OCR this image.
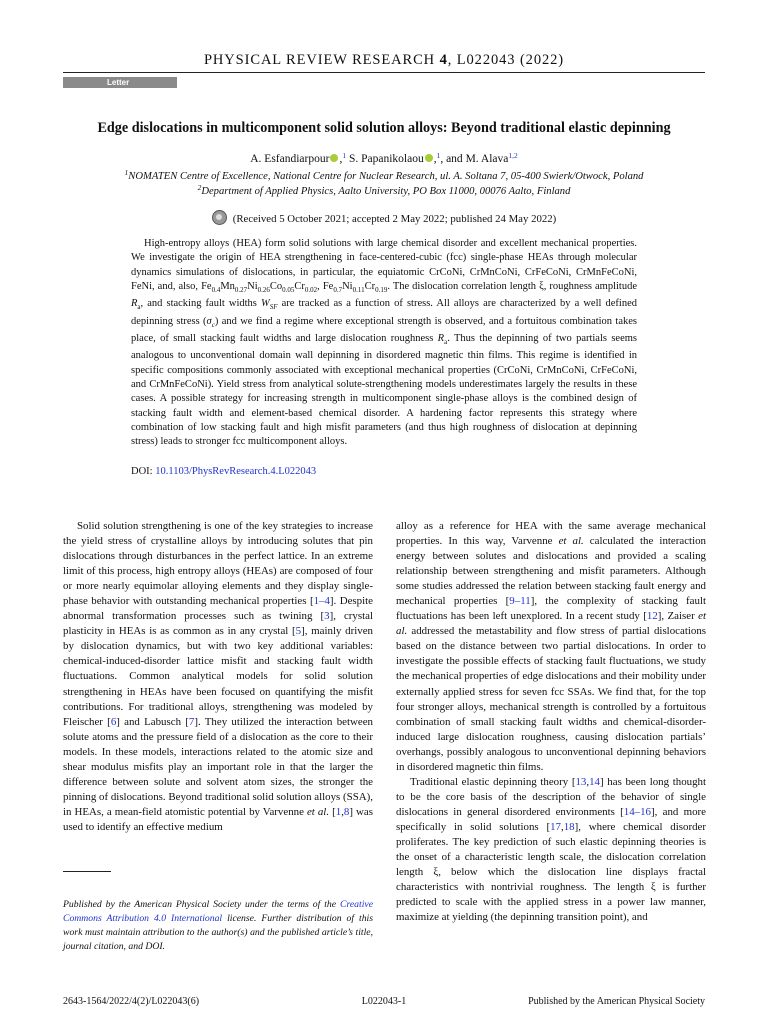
PHYSICAL REVIEW RESEARCH 4, L022043 (2022)
Letter
Edge dislocations in multicomponent solid solution alloys: Beyond traditional elastic depinning
A. Esfandiarpour ,$^1$ S. Papanikolaou ,$^1$, and M. Alava$^{1,2}$
$^1$NOMATEN Centre of Excellence, National Centre for Nuclear Research, ul. A. Soltana 7, 05-400 Swierk/Otwock, Poland
$^2$Department of Applied Physics, Aalto University, PO Box 11000, 00076 Aalto, Finland
(Received 5 October 2021; accepted 2 May 2022; published 24 May 2022)

High-entropy alloys (HEA) form solid solutions with large chemical disorder and excellent mechanical properties. We investigate the origin of HEA strengthening in face-centered-cubic (fcc) single-phase HEAs through molecular dynamics simulations of dislocations, in particular, the equiatomic CrCoNi, CrMnCoNi, CrFeCoNi, CrMnFeCoNi, FeNi, and, also, $Fe_{0.4}Mn_{0.27}Ni_{0.26}Co_{0.05}Cr_{0.02}$, $Fe_{0.7}Ni_{0.11}Cr_{0.19}$. The dislocation correlation length ξ, roughness amplitude $R_a$, and stacking fault widths $W_{SF}$ are tracked as a function of stress. All alloys are characterized by a well defined depinning stress $(\sigma_c)$ and we find a regime where exceptional strength is observed, and a fortuitous combination takes place, of small stacking fault widths and large dislocation roughness $R_a$. Thus the depinning of two partials seems analogous to unconventional domain wall depinning in disordered magnetic thin films. This regime is identified in specific compositions commonly associated with exceptional mechanical properties (CrCoNi, CrMnCoNi, CrFeCoNi, and CrMnFeCoNi). Yield stress from analytical solute-strengthening models underestimates largely the results in these cases. A possible strategy for increasing strength in multicomponent single-phase alloys is the combined design of stacking fault width and element-based chemical disorder. A hardening factor represents this strategy where combination of low stacking fault and high misfit parameters (and thus high roughness of dislocation at depinning stress) leads to stronger fcc multicomponent alloys.

DOI: 10.1103/PhysRevResearch.4.L022043

Solid solution strengthening is one of the key strategies to increase the yield stress of crystalline alloys by introducing solutes that pin dislocations through disturbances in the perfect lattice. In an extreme limit of this process, high entropy alloys (HEAs) are composed of four or more nearly equimolar alloying elements and they display single-phase behavior with outstanding mechanical properties [1–4]. Despite abnormal transformation processes such as twining [3], crystal plasticity in HEAs is as common as in any crystal [5], mainly driven by dislocation dynamics, but with two key additional variables: chemical-induced-disorder lattice misfit and stacking fault width fluctuations. Common analytical models for solid solution strengthening in HEAs have been focused on quantifying the misfit contributions. For traditional alloys, strengthening was modeled by Fleischer [6] and Labusch [7]. They utilized the interaction between solute atoms and the pressure field of a dislocation as the core to their models. In these models, interactions related to the atomic size and shear modulus misfits play an important role in that the larger the difference between solute and solvent atom sizes, the stronger the pinning of dislocations. Beyond traditional solid solution alloys (SSA), in HEAs, a mean-field atomistic potential by Varvenne et al. [1,8] was used to identify an effective medium

alloy as a reference for HEA with the same average mechanical properties. In this way, Varvenne et al. calculated the interaction energy between solutes and dislocations and provided a scaling relationship between strengthening and misfit parameters. Although some studies addressed the relation between stacking fault energy and mechanical properties [9–11], the complexity of stacking fault fluctuations has been left unexplored. In a recent study [12], Zaiser et al. addressed the metastability and flow stress of partial dislocations based on the distance between two partial dislocations. In order to investigate the possible effects of stacking fault fluctuations, we study the mechanical properties of edge dislocations and their mobility under externally applied stress for seven fcc SSAs. We find that, for the top four stronger alloys, mechanical strength is controlled by a fortuitous combination of small stacking fault widths and chemical-disorder-induced large dislocation roughness, causing dislocation partials’ overhangs, possibly analogous to unconventional depinning behaviors in disordered magnetic thin films.

Traditional elastic depinning theory [13,14] has been long thought to be the core basis of the description of the behavior of single dislocations in general disordered environments [14–16], and more specifically in solid solutions [17,18], where chemical disorder proliferates. The key prediction of such elastic depinning theories is the onset of a characteristic length scale, the dislocation correlation length ξ, below which the dislocation line displays fractal characteristics with nontrivial roughness. The length ξ is further predicted to scale with the applied stress in a power law manner, maximize at yielding (the depinning transition point), and

Published by the American Physical Society under the terms of the Creative Commons Attribution 4.0 International license. Further distribution of this work must maintain attribution to the author(s) and the published article’s title, journal citation, and DOI.
2643-1564/2022/4(2)/L022043(6)	L022043-1	Published by the American Physical Society
